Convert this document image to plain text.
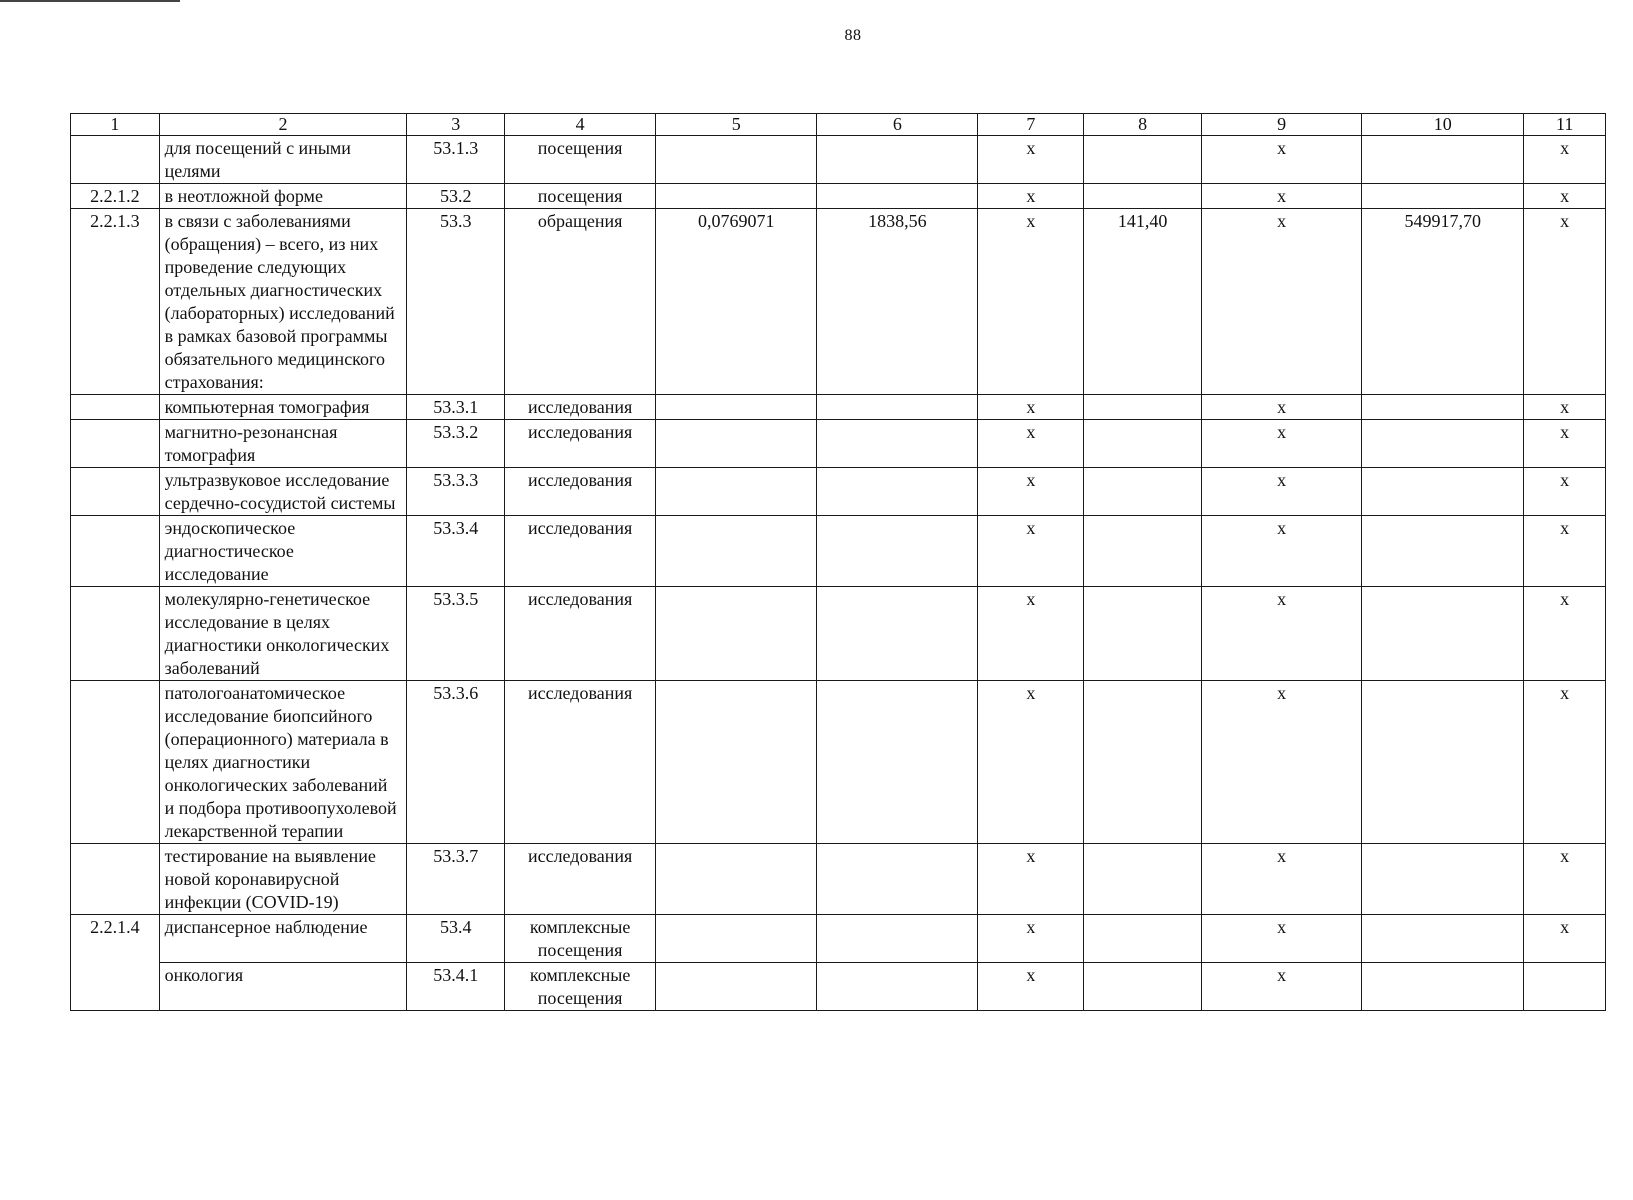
88
1	2	3	4	5	6	7	8	9	10	11
	для посещений с иными целями	53.1.3	посещения			х		х		х
2.2.1.2	в неотложной форме	53.2	посещения			х		х		х
2.2.1.3	в связи с заболеваниями (обращения) – всего, из них проведение следующих отдельных диагностических (лабораторных) исследований в рамках базовой программы обязательного медицинского страхования:	53.3	обращения	0,0769071	1838,56	х	141,40	х	549917,70	х
	компьютерная томография	53.3.1	исследования			х		х		х
	магнитно-резонансная томография	53.3.2	исследования			х		х		х
	ультразвуковое исследование сердечно-сосудистой системы	53.3.3	исследования			х		х		х
	эндоскопическое диагностическое исследование	53.3.4	исследования			х		х		х
	молекулярно-генетическое исследование в целях диагностики онкологических заболеваний	53.3.5	исследования			х		х		х
	патологоанатомическое исследование биопсийного (операционного) материала в целях диагностики онкологических заболеваний и подбора противоопухолевой лекарственной терапии	53.3.6	исследования			х		х		х
	тестирование на выявление новой коронавирусной инфекции (COVID-19)	53.3.7	исследования			х		х		х
2.2.1.4	диспансерное наблюдение	53.4	комплексные посещения			х		х		х
	онкология	53.4.1	комплексные посещения			х		х		
